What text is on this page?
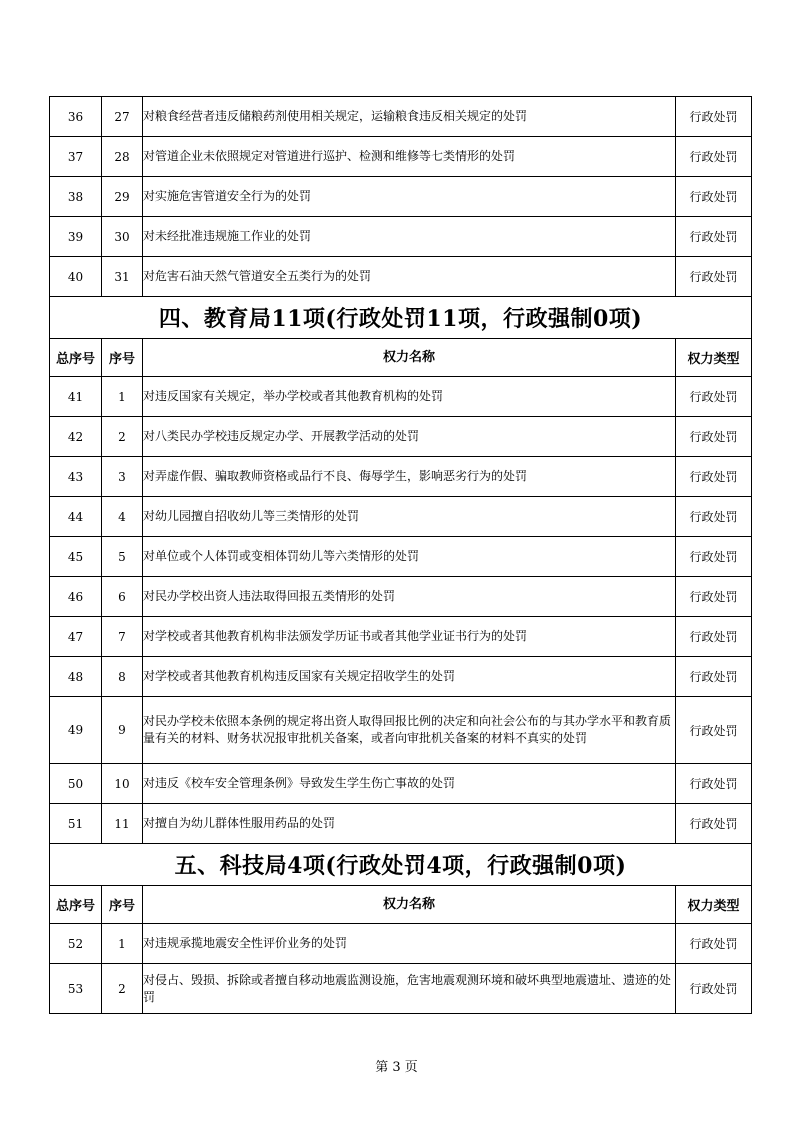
36	27	对粮食经营者违反储粮药剂使用相关规定，运输粮食违反相关规定的处罚	行政处罚
37	28	对管道企业未依照规定对管道进行巡护、检测和维修等七类情形的处罚	行政处罚
38	29	对实施危害管道安全行为的处罚	行政处罚
39	30	对未经批准违规施工作业的处罚	行政处罚
40	31	对危害石油天然气管道安全五类行为的处罚	行政处罚
四、教育局11项(行政处罚11项，行政强制0项)			
总序号	序号	权力名称	权力类型
41	1	对违反国家有关规定，举办学校或者其他教育机构的处罚	行政处罚
42	2	对八类民办学校违反规定办学、开展教学活动的处罚	行政处罚
43	3	对弄虚作假、骗取教师资格或品行不良、侮辱学生，影响恶劣行为的处罚	行政处罚
44	4	对幼儿园擅自招收幼儿等三类情形的处罚	行政处罚
45	5	对单位或个人体罚或变相体罚幼儿等六类情形的处罚	行政处罚
46	6	对民办学校出资人违法取得回报五类情形的处罚	行政处罚
47	7	对学校或者其他教育机构非法颁发学历证书或者其他学业证书行为的处罚	行政处罚
48	8	对学校或者其他教育机构违反国家有关规定招收学生的处罚	行政处罚
49	9	对民办学校未依照本条例的规定将出资人取得回报比例的决定和向社会公布的与其办学水平和教育质量有关的材料、财务状况报审批机关备案，或者向审批机关备案的材料不真实的处罚	行政处罚
50	10	对违反《校车安全管理条例》导致发生学生伤亡事故的处罚	行政处罚
51	11	对擅自为幼儿群体性服用药品的处罚	行政处罚
五、科技局4项(行政处罚4项，行政强制0项)			
总序号	序号	权力名称	权力类型
52	1	对违规承揽地震安全性评价业务的处罚	行政处罚
53	2	对侵占、毁损、拆除或者擅自移动地震监测设施，危害地震观测环境和破坏典型地震遗址、遗迹的处罚	行政处罚
第 3 页
